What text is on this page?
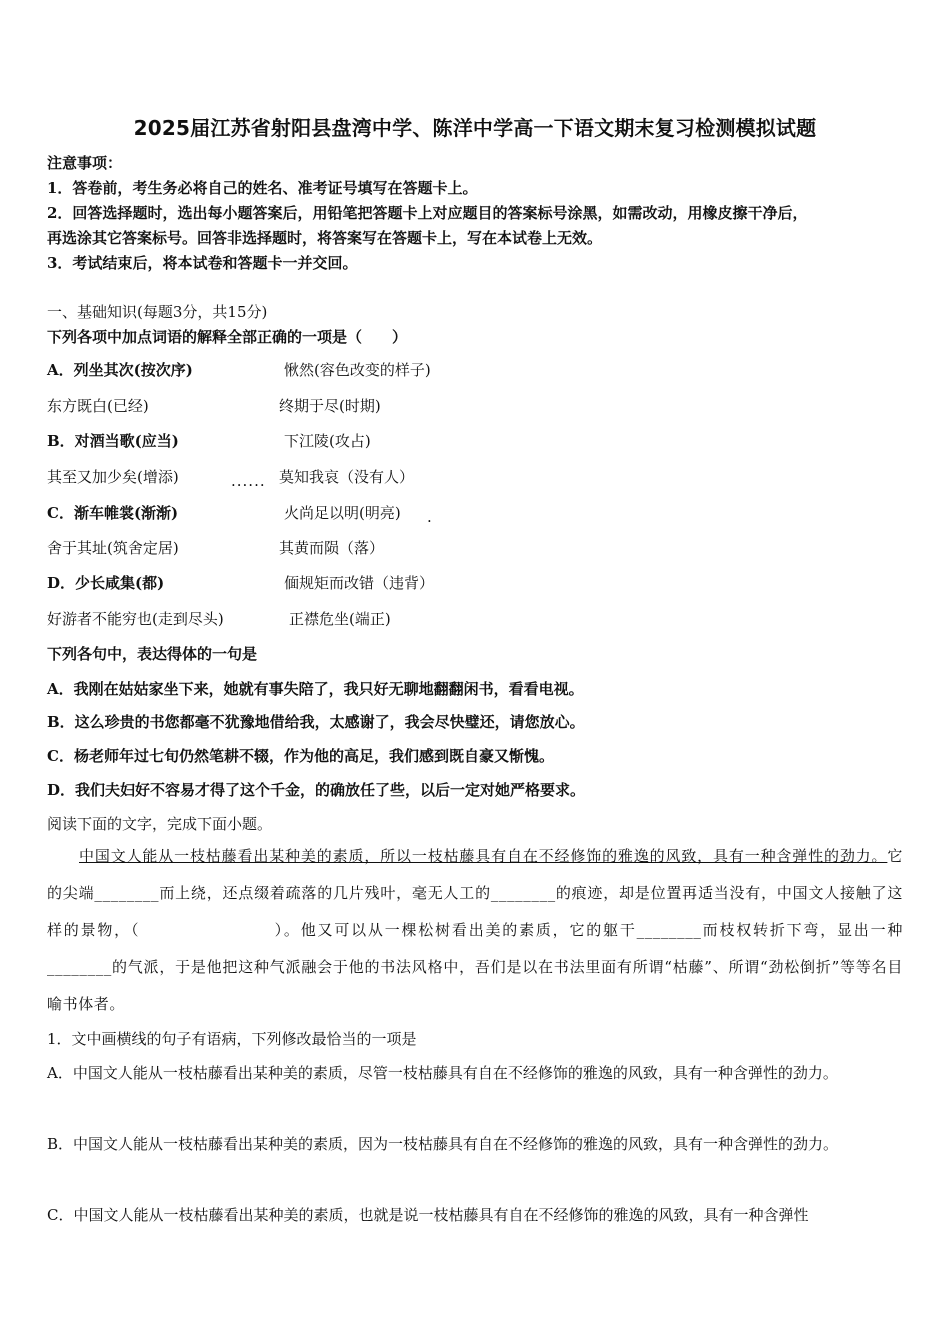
2025届江苏省射阳县盘湾中学、陈洋中学高一下语文期末复习检测模拟试题
注意事项：
1．答卷前，考生务必将自己的姓名、准考证号填写在答题卡上。
2．回答选择题时，选出每小题答案后，用铅笔把答题卡上对应题目的答案标号涂黑，如需改动，用橡皮擦干净后，
再选涂其它答案标号。回答非选择题时，将答案写在答题卡上，写在本试卷上无效。
3．考试结束后，将本试卷和答题卡一并交回。
一、基础知识(每题3分，共15分)
下列各项中加点词语的解释全部正确的一项是（　　）
A．列坐其次(按次序)	愀然(容色改变的样子)
东方既白(已经)	终期于尽(时期)
B．对酒当歌(应当)	下江陵(攻占)
其至又加少矣(增添)	莫知我哀（没有人）
......
C．渐车帷裳(渐渐)	火尚足以明(明亮) .
舍于其址(筑舍定居)	其黄而陨（落）
D．少长咸集(都)	偭规矩而改错（违背）
好游者不能穷也(走到尽头)	正襟危坐(端正)
下列各句中，表达得体的一句是
A．我刚在姑姑家坐下来，她就有事失陪了，我只好无聊地翻翻闲书，看看电视。
B．这么珍贵的书您都毫不犹豫地借给我，太感谢了，我会尽快璧还，请您放心。
C．杨老师年过七旬仍然笔耕不辍，作为他的高足，我们感到既自豪又惭愧。
D．我们夫妇好不容易才得了这个千金，的确放任了些，以后一定对她严格要求。
阅读下面的文字，完成下面小题。
中国文人能从一枝枯藤看出某种美的素质，所以一枝枯藤具有自在不经修饰的雅逸的风致，具有一种含弹性的劲力。它的尖端________而上绕，还点缀着疏落的几片残叶，毫无人工的________的痕迹，却是位置再适当没有，中国文人接触了这样的景物，（　　　　　　　　）。他又可以从一棵松树看出美的素质，它的躯干________而枝权转折下弯，显出一种________的气派，于是他把这种气派融会于他的书法风格中，吾们是以在书法里面有所谓“枯藤”、所谓“劲松倒折”等等名目喻书体者。
1．文中画横线的句子有语病，下列修改最恰当的一项是
A．中国文人能从一枝枯藤看出某种美的素质，尽管一枝枯藤具有自在不经修饰的雅逸的风致，具有一种含弹性的劲力。
B．中国文人能从一枝枯藤看出某种美的素质，因为一枝枯藤具有自在不经修饰的雅逸的风致，具有一种含弹性的劲力。
C．中国文人能从一枝枯藤看出某种美的素质，也就是说一枝枯藤具有自在不经修饰的雅逸的风致，具有一种含弹性
